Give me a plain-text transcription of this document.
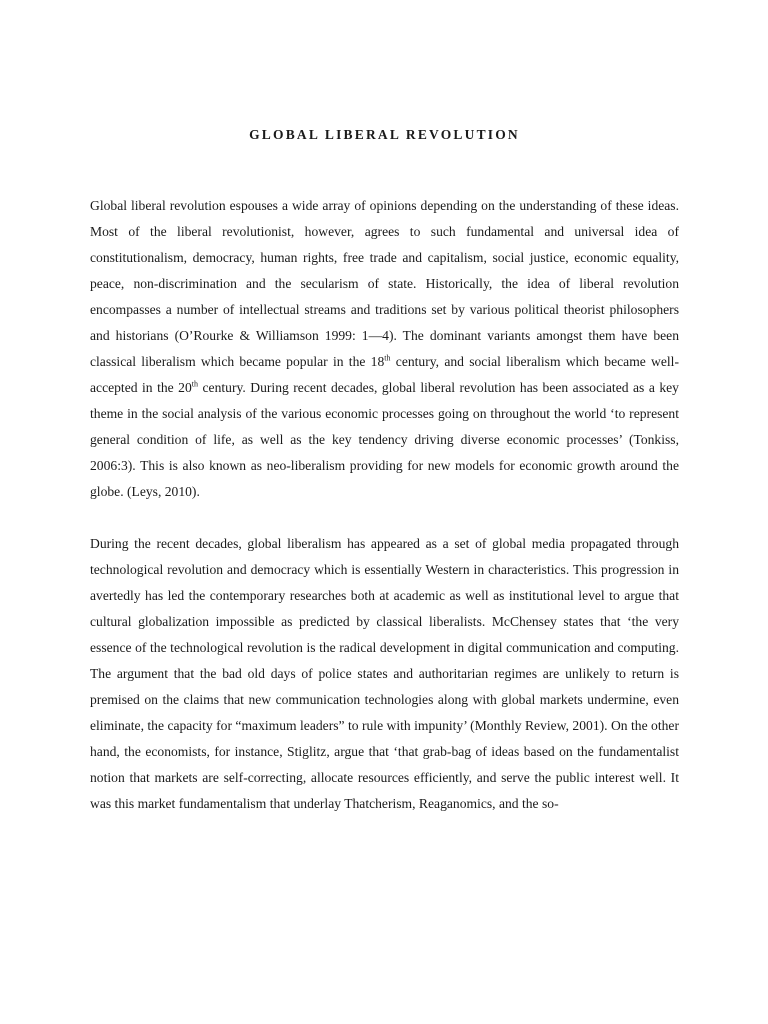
GLOBAL LIBERAL REVOLUTION

Global liberal revolution espouses a wide array of opinions depending on the understanding of these ideas. Most of the liberal revolutionist, however, agrees to such fundamental and universal idea of constitutionalism, democracy, human rights, free trade and capitalism, social justice, economic equality, peace, non-discrimination and the secularism of state. Historically, the idea of liberal revolution encompasses a number of intellectual streams and traditions set by various political theorist philosophers and historians (O’Rourke & Williamson 1999: 1—4). The dominant variants amongst them have been classical liberalism which became popular in the 18th century, and social liberalism which became well-accepted in the 20th century. During recent decades, global liberal revolution has been associated as a key theme in the social analysis of the various economic processes going on throughout the world ‘to represent general condition of life, as well as the key tendency driving diverse economic processes’ (Tonkiss, 2006:3). This is also known as neo-liberalism providing for new models for economic growth around the globe. (Leys, 2010).

During the recent decades, global liberalism has appeared as a set of global media propagated through technological revolution and democracy which is essentially Western in characteristics. This progression in avertedly has led the contemporary researches both at academic as well as institutional level to argue that cultural globalization impossible as predicted by classical liberalists. McChensey states that ‘the very essence of the technological revolution is the radical development in digital communication and computing. The argument that the bad old days of police states and authoritarian regimes are unlikely to return is premised on the claims that new communication technologies along with global markets undermine, even eliminate, the capacity for “maximum leaders” to rule with impunity’ (Monthly Review, 2001). On the other hand, the economists, for instance, Stiglitz, argue that ‘that grab-bag of ideas based on the fundamentalist notion that markets are self-correcting, allocate resources efficiently, and serve the public interest well. It was this market fundamentalism that underlay Thatcherism, Reaganomics, and the so-
